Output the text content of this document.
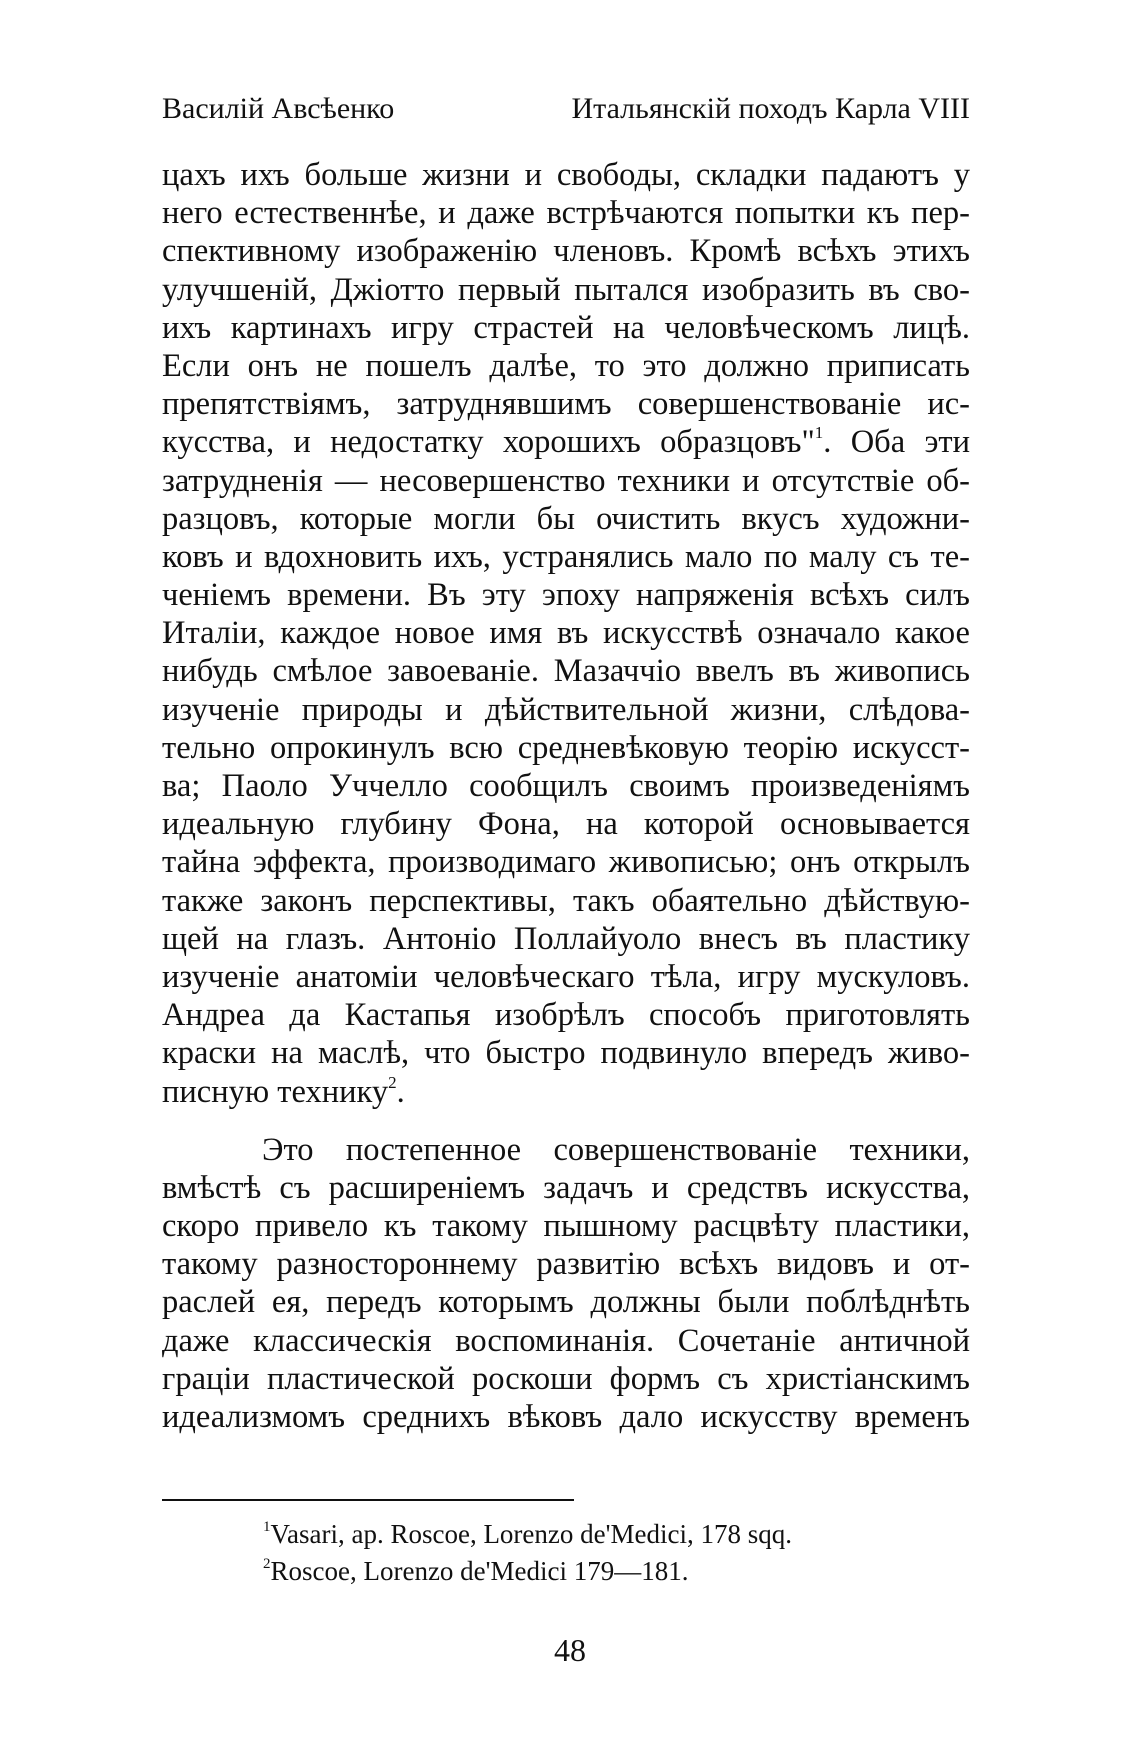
Василій Авсѣенко	Итальянскій походъ Карла VIII
цахъ ихъ больше жизни и свободы, складки падаютъ у
него естественнѣе, и даже встрѣчаются попытки къ пер-
спективному изображенію членовъ. Кромѣ всѣхъ этихъ
улучшеній, Джіотто первый пытался изобразить въ сво-
ихъ картинахъ игру страстей на человѣческомъ лицѣ.
Если онъ не пошелъ далѣе, то это должно приписать
препятствіямъ, затруднявшимъ совершенствованіе ис-
кусства, и недостатку хорошихъ образцовъ"$^1$. Оба эти
затрудненія — несовершенство техники и отсутствіе об-
разцовъ, которые могли бы очистить вкусъ художни-
ковъ и вдохновить ихъ, устранялись мало по малу съ те-
ченіемъ времени. Въ эту эпоху напряженія всѣхъ силъ
Италіи, каждое новое имя въ искусствѣ означало какое
нибудь смѣлое завоеваніе. Мазаччіо ввелъ въ живопись
изученіе природы и дѣйствительной жизни, слѣдова-
тельно опрокинулъ всю средневѣковую теорію искусст-
ва; Паоло Уччелло сообщилъ своимъ произведеніямъ
идеальную глубину Фона, на которой основывается
тайна эффекта, производимаго живописью; онъ открылъ
также законъ перспективы, такъ обаятельно дѣйствую-
щей на глазъ. Антоніо Поллайуоло внесъ въ пластику
изученіе анатоміи человѣческаго тѣла, игру мускуловъ.
Андреа да Кастапья изобрѣлъ способъ приготовлять
краски на маслѣ, что быстро подвинуло впередъ живо-
писную технику$^2$.
Это постепенное совершенствованіе техники,
вмѣстѣ съ расширеніемъ задачъ и средствъ искусства,
скоро привело къ такому пышному расцвѣту пластики,
такому разностороннему развитію всѣхъ видовъ и от-
раслей ея, передъ которымъ должны были поблѣднѣть
даже классическія воспоминанія. Сочетаніе античной
граціи пластической роскоши формъ съ христіанскимъ
идеализмомъ среднихъ вѣковъ дало искусству временъ
$^1$Vasari, ap. Roscoe, Lorenzo de'Medici, 178 sqq.
$^2$Roscoe, Lorenzo de'Medici 179—181.
48
